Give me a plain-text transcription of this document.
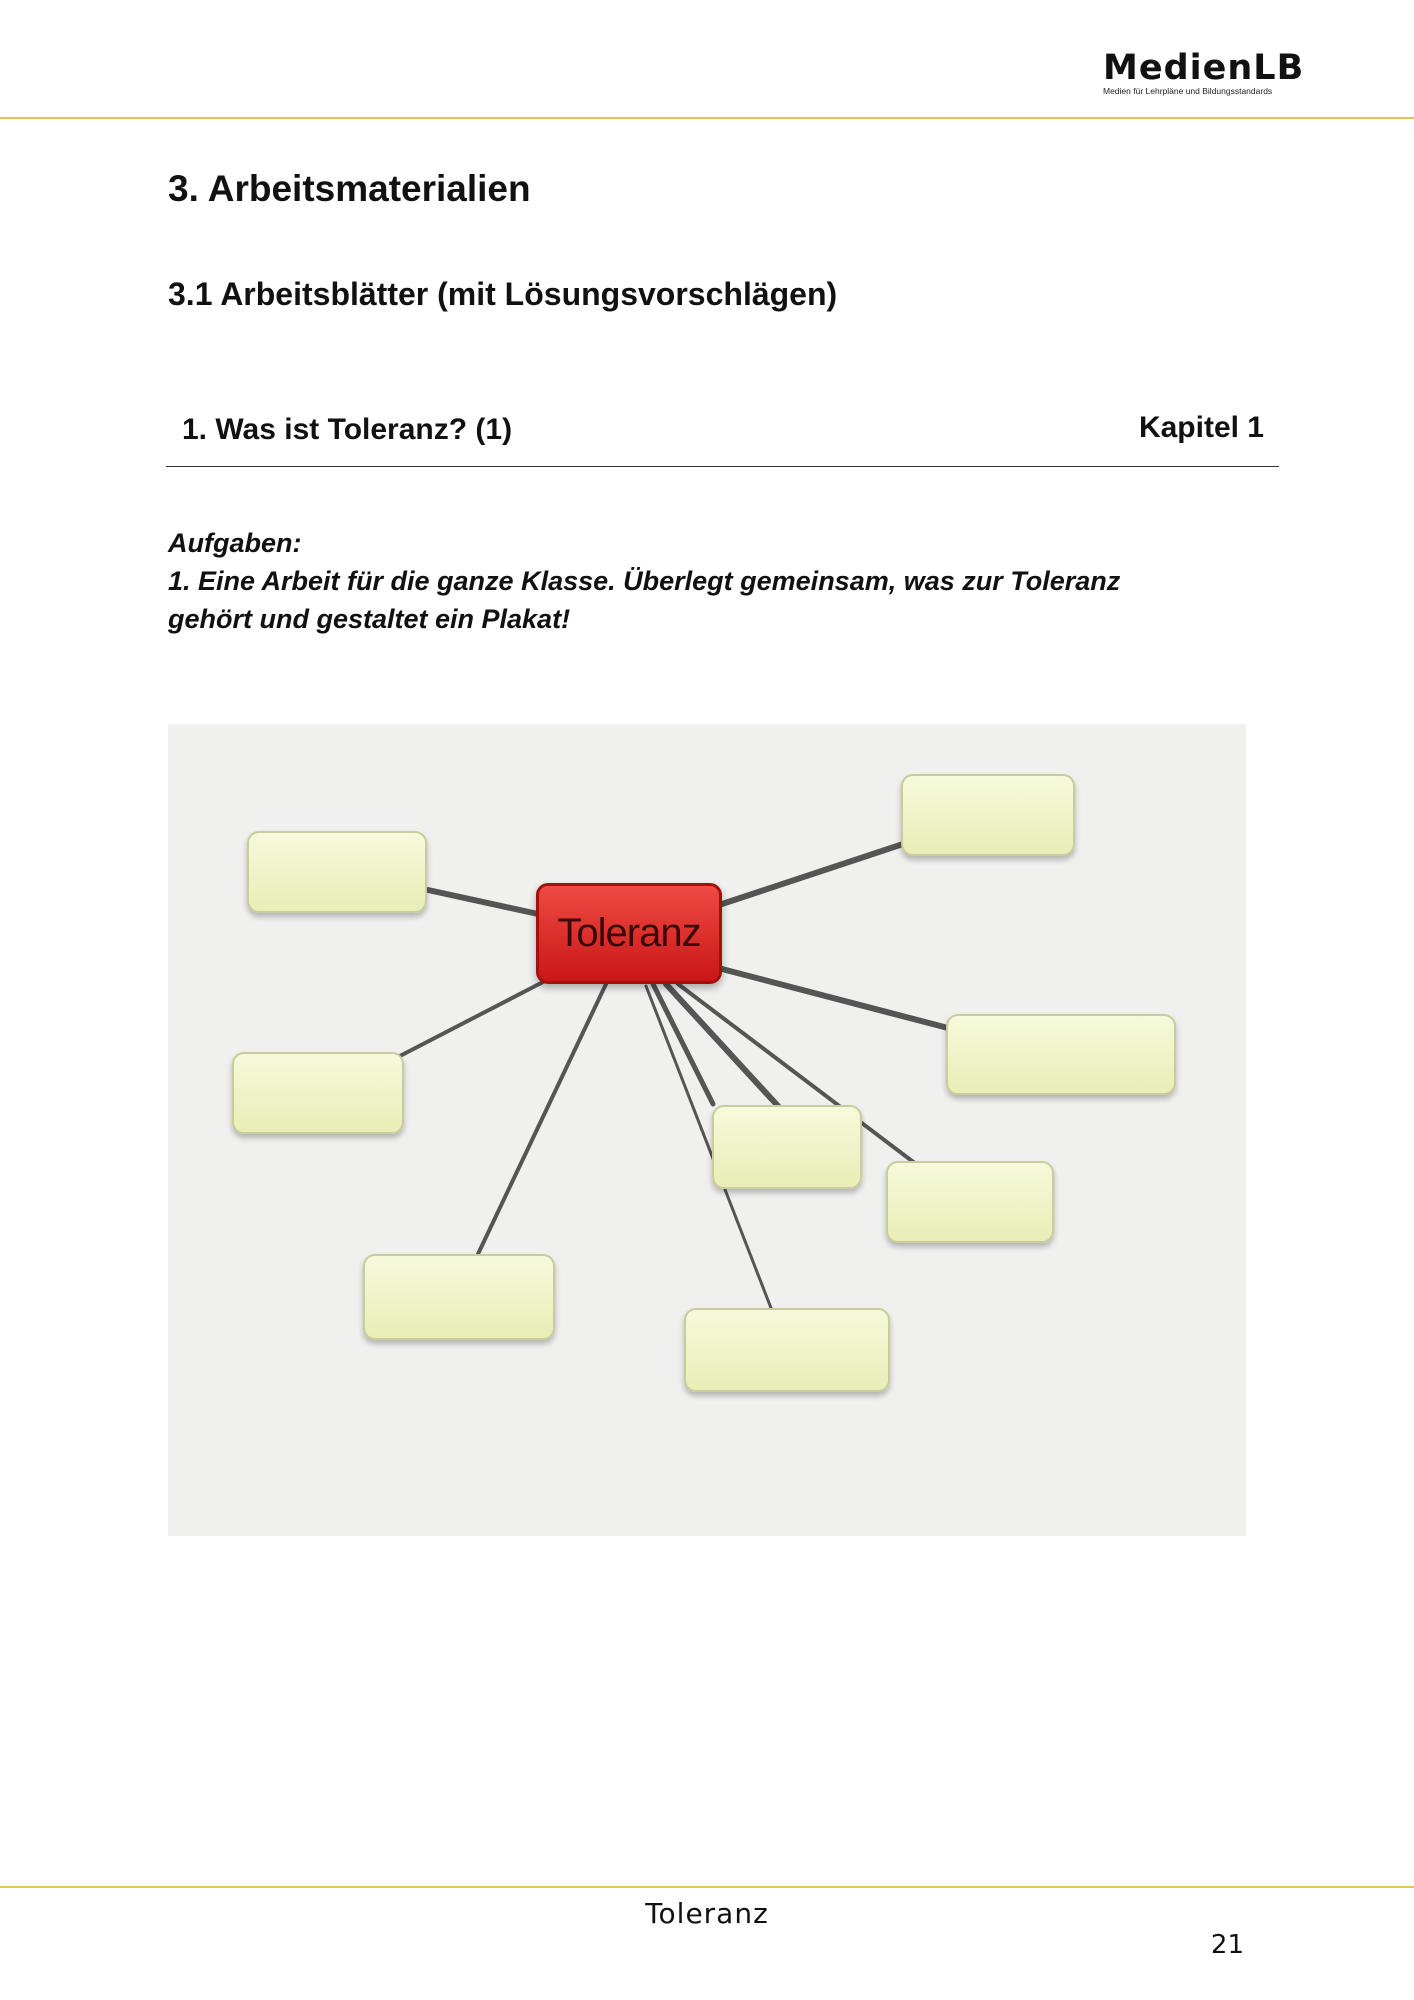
MedienLB
Medien für Lehrpläne und Bildungsstandards
3. Arbeitsmaterialien
3.1 Arbeitsblätter (mit Lösungsvorschlägen)
1. Was ist Toleranz? (1)	Kapitel 1
Aufgaben:
1. Eine Arbeit für die ganze Klasse. Überlegt gemeinsam, was zur Toleranz
gehört und gestaltet ein Plakat!
Toleranz
Toleranz
21
